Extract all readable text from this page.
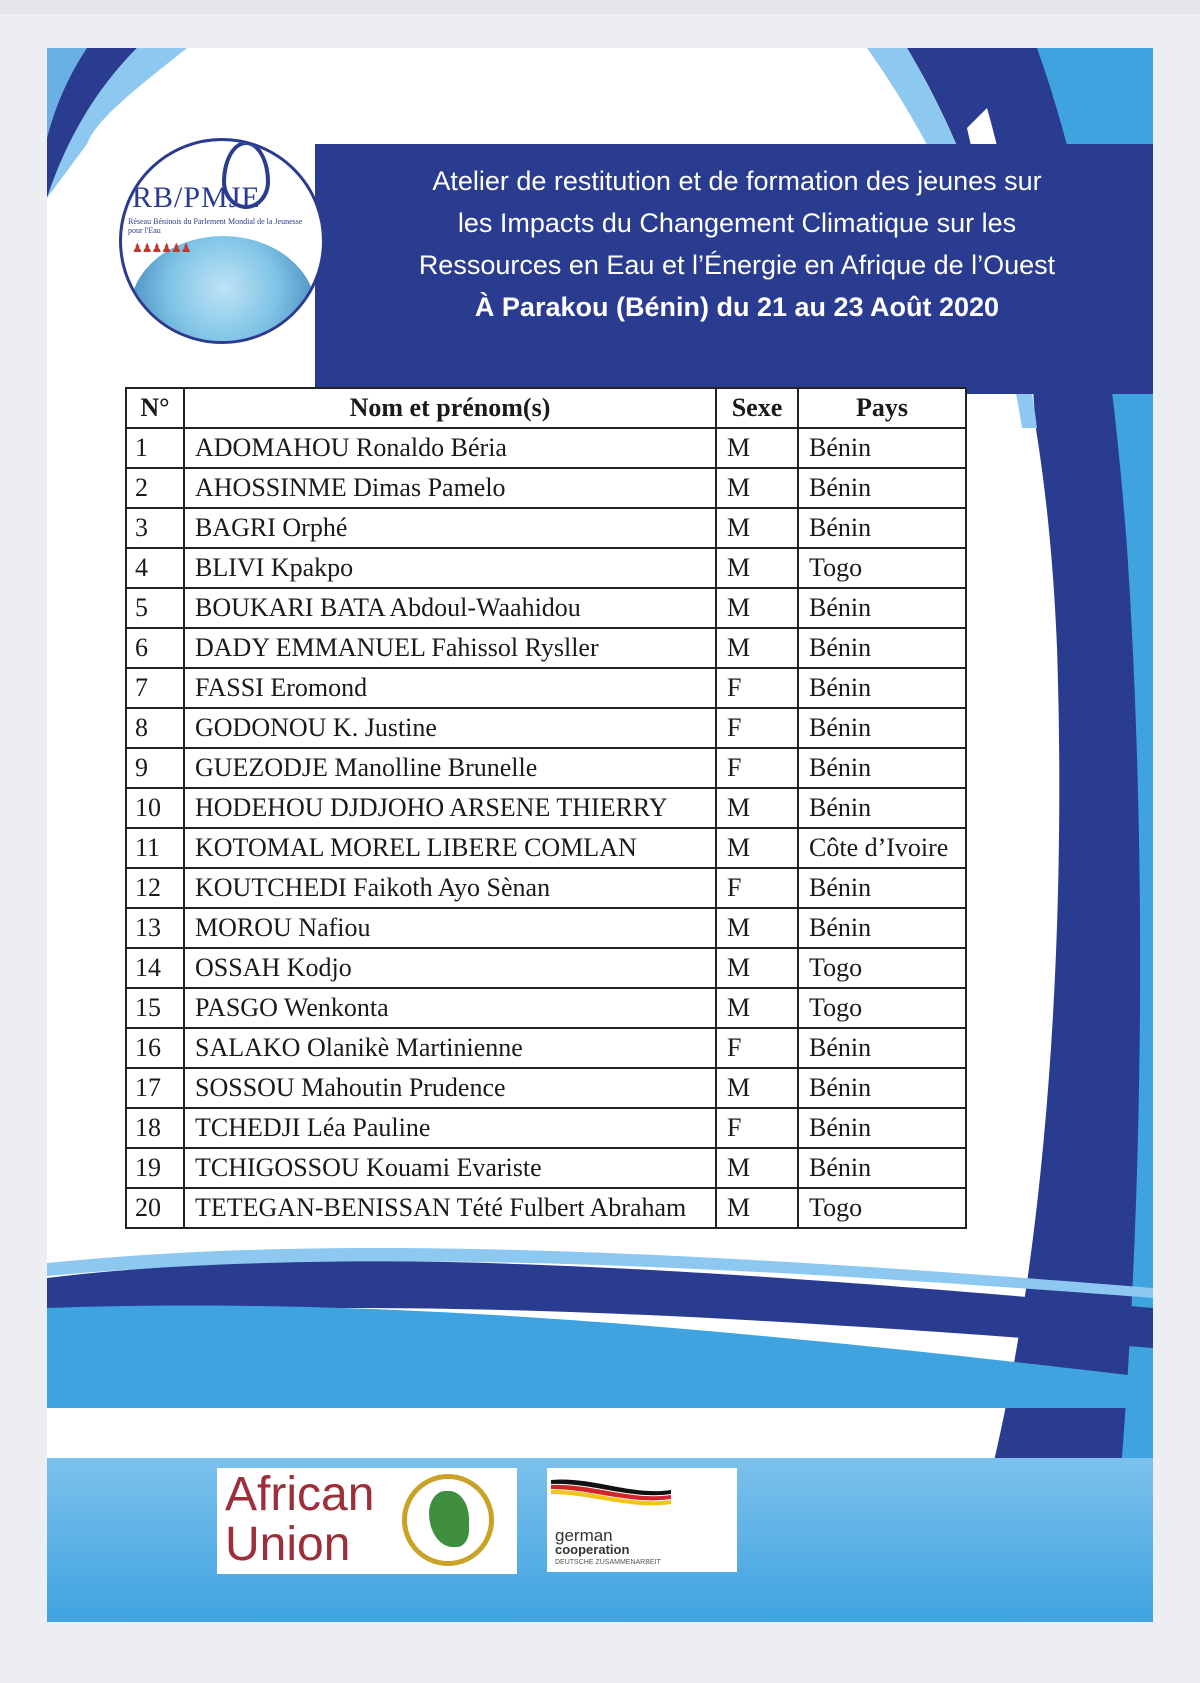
Atelier de restitution et de formation des jeunes sur
les Impacts du Changement Climatique sur les
Ressources en Eau et l’Énergie en Afrique de l’Ouest
À Parakou (Bénin) du 21 au 23 Août 2020
RB/PMJE
Réseau Béninois du Parlement Mondial de la Jeunesse pour l'Eau
♟♟♟♟♟♟
N°	Nom et prénom(s)	Sexe	Pays
1	ADOMAHOU Ronaldo Béria	M	Bénin
2	AHOSSINME Dimas Pamelo	M	Bénin
3	BAGRI Orphé	M	Bénin
4	BLIVI Kpakpo	M	Togo
5	BOUKARI BATA Abdoul-Waahidou	M	Bénin
6	DADY EMMANUEL Fahissol Rysller	M	Bénin
7	FASSI Eromond	F	Bénin
8	GODONOU K. Justine	F	Bénin
9	GUEZODJE Manolline Brunelle	F	Bénin
10	HODEHOU DJDJOHO ARSENE THIERRY	M	Bénin
11	KOTOMAL MOREL LIBERE COMLAN	M	Côte d’Ivoire
12	KOUTCHEDI Faikoth Ayo Sènan	F	Bénin
13	MOROU Nafiou	M	Bénin
14	OSSAH Kodjo	M	Togo
15	PASGO Wenkonta	M	Togo
16	SALAKO Olanikè Martinienne	F	Bénin
17	SOSSOU Mahoutin Prudence	M	Bénin
18	TCHEDJI Léa Pauline	F	Bénin
19	TCHIGOSSOU Kouami Evariste	M	Bénin
20	TETEGAN-BENISSAN Tété Fulbert Abraham	M	Togo
African
Union	german
cooperation
DEUTSCHE ZUSAMMENARBEIT
